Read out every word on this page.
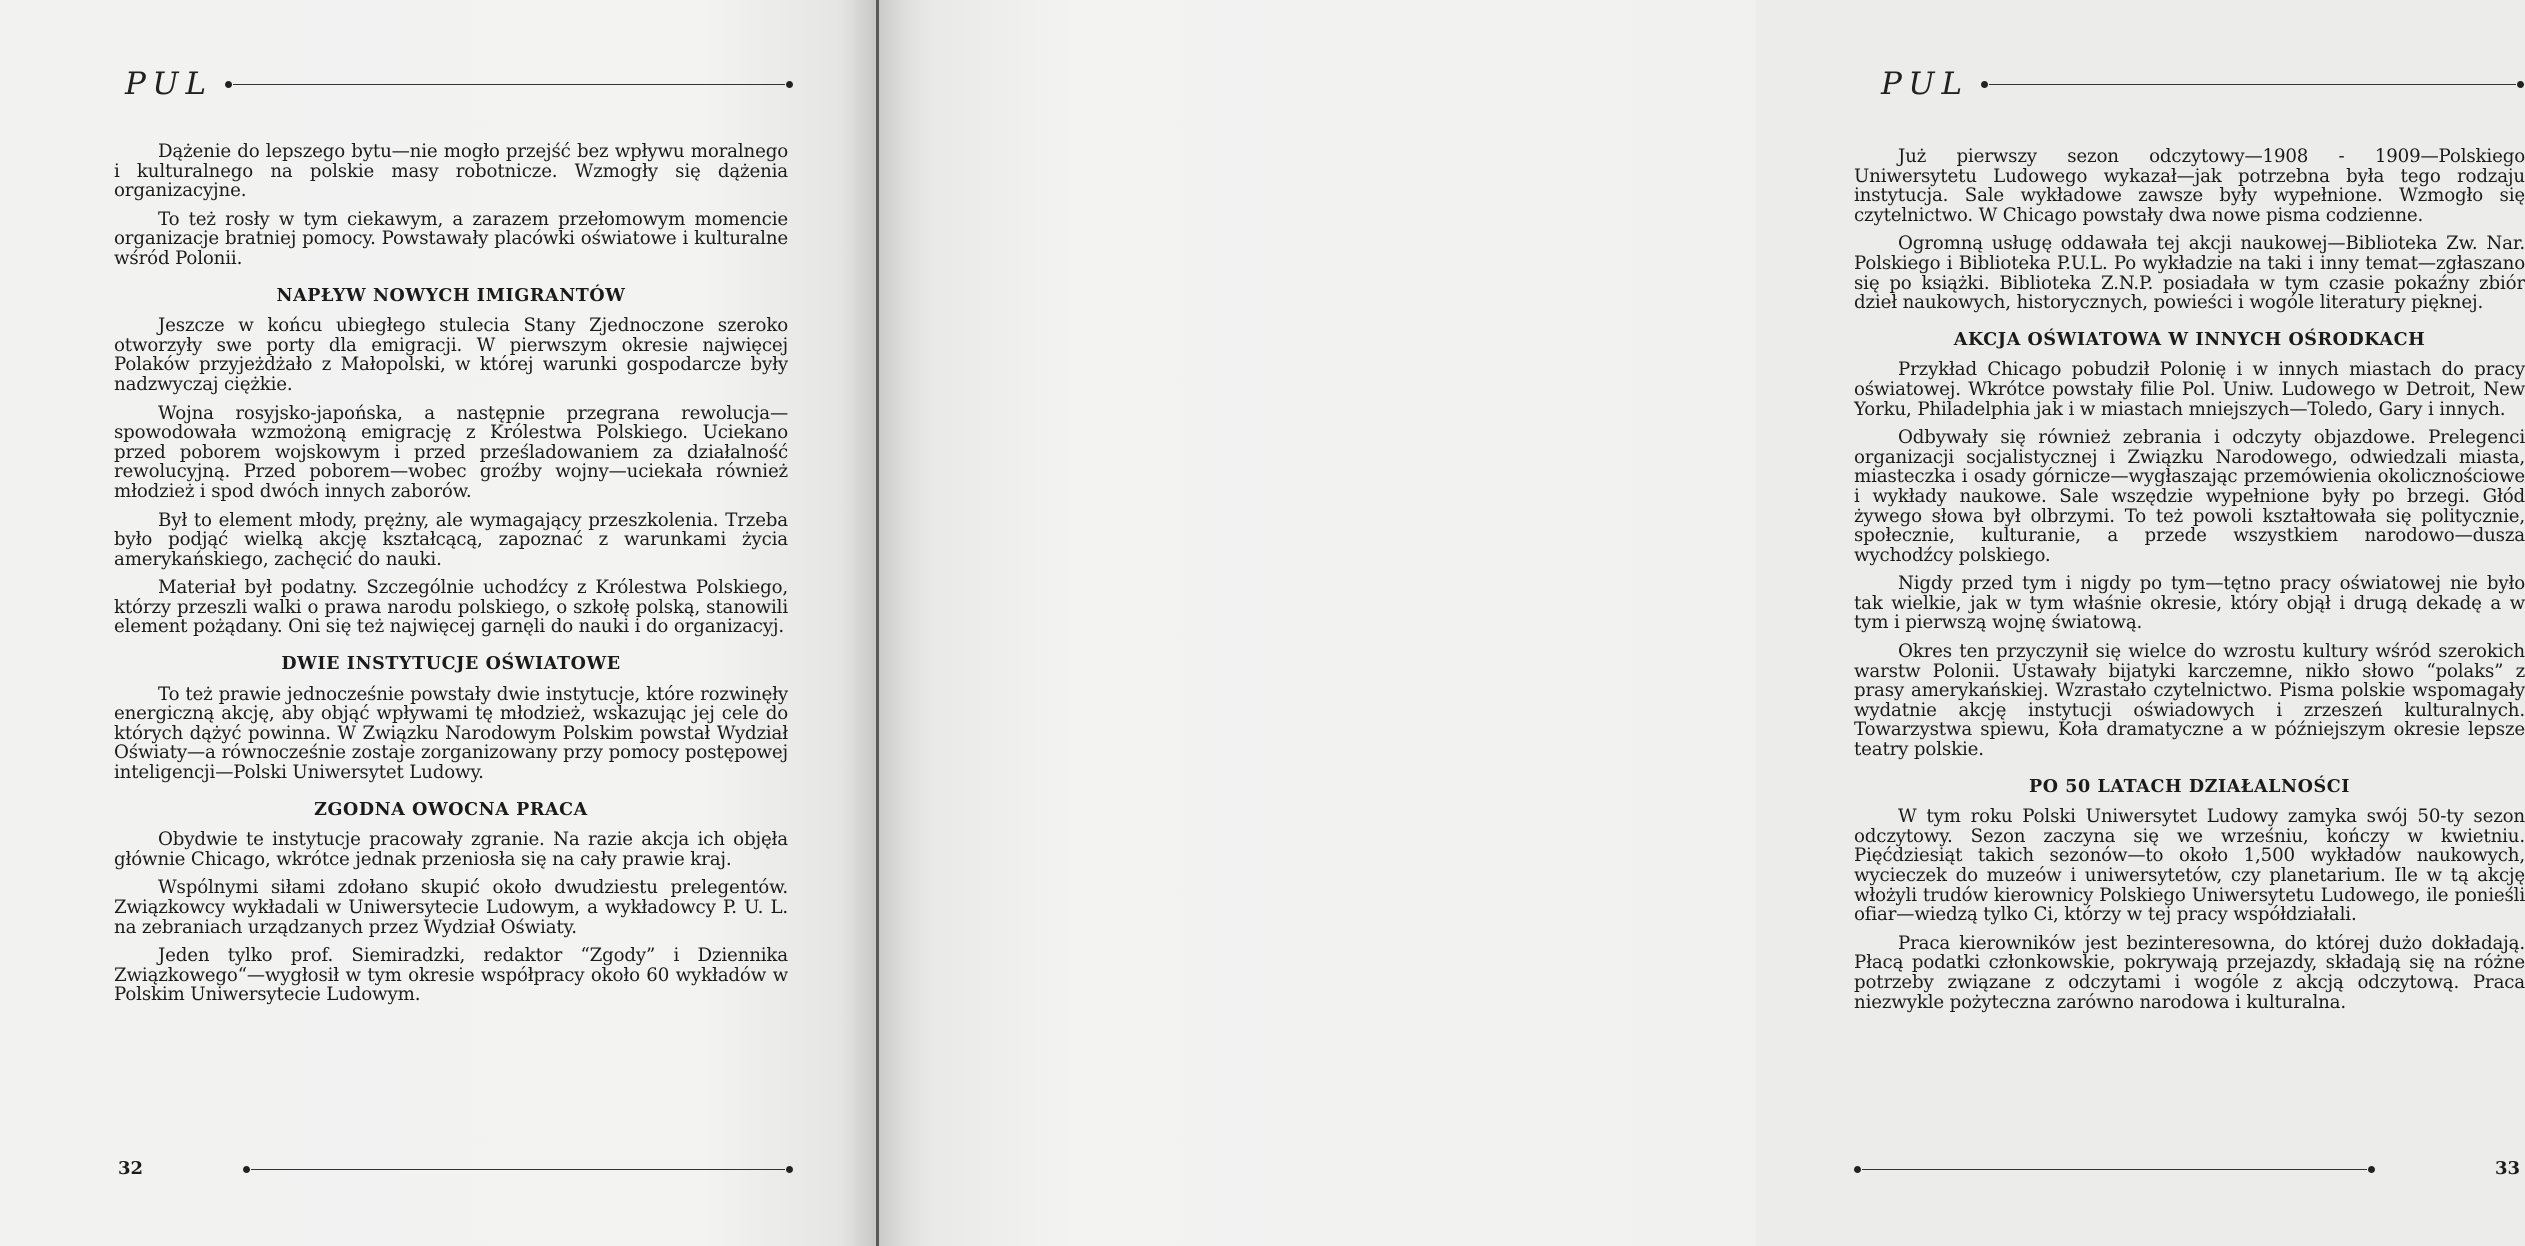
PUL

Dążenie do lepszego bytu—nie mogło przejść bez wpływu moralnego i kulturalnego na polskie masy robotnicze. Wzmogły się dążenia organizacyjne.

To też rosły w tym ciekawym, a zarazem przełomowym momencie organizacje bratniej pomocy. Powstawały placówki oświatowe i kulturalne wśród Polonii.

NAPŁYW NOWYCH IMIGRANTÓW

Jeszcze w końcu ubiegłego stulecia Stany Zjednoczone szeroko otworzyły swe porty dla emigracji. W pierwszym okresie najwięcej Polaków przyjeżdżało z Małopolski, w której warunki gospodarcze były nadzwyczaj ciężkie.

Wojna rosyjsko-japońska, a następnie przegrana rewolucja—spowodowała wzmożoną emigrację z Królestwa Polskiego. Uciekano przed poborem wojskowym i przed prześladowaniem za działalność rewolucyjną. Przed poborem—wobec groźby wojny—uciekała również młodzież i spod dwóch innych zaborów.

Był to element młody, prężny, ale wymagający przeszkolenia. Trzeba było podjąć wielką akcję kształcącą, zapoznać z warunkami życia amerykańskiego, zachęcić do nauki.

Materiał był podatny. Szczególnie uchodźcy z Królestwa Polskiego, którzy przeszli walki o prawa narodu polskiego, o szkołę polską, stanowili element pożądany. Oni się też najwięcej garnęli do nauki i do organizacyj.

DWIE INSTYTUCJE OŚWIATOWE

To też prawie jednocześnie powstały dwie instytucje, które rozwinęły energiczną akcję, aby objąć wpływami tę młodzież, wskazując jej cele do których dążyć powinna. W Związku Narodowym Polskim powstał Wydział Oświaty—a równocześnie zostaje zorganizowany przy pomocy postępowej inteligencji—Polski Uniwersytet Ludowy.

ZGODNA OWOCNA PRACA

Obydwie te instytucje pracowały zgranie. Na razie akcja ich objęła głównie Chicago, wkrótce jednak przeniosła się na cały prawie kraj.

Wspólnymi siłami zdołano skupić około dwudziestu prelegentów. Związkowcy wykładali w Uniwersytecie Ludowym, a wykładowcy P. U. L. na zebraniach urządzanych przez Wydział Oświaty.

Jeden tylko prof. Siemiradzki, redaktor “Zgody” i Dziennika Związkowego“—wygłosił w tym okresie współpracy około 60 wykładów w Polskim Uniwersytecie Ludowym.

32
PUL

Już pierwszy sezon odczytowy—1908 - 1909—Polskiego Uniwersytetu Ludowego wykazał—jak potrzebna była tego rodzaju instytucja. Sale wykładowe zawsze były wypełnione. Wzmogło się czytelnictwo. W Chicago powstały dwa nowe pisma codzienne.

Ogromną usługę oddawała tej akcji naukowej—Biblioteka Zw. Nar. Polskiego i Biblioteka P.U.L. Po wykładzie na taki i inny temat—zgłaszano się po książki. Biblioteka Z.N.P. posiadała w tym czasie pokaźny zbiór dzieł naukowych, historycznych, powieści i wogóle literatury pięknej.

AKCJA OŚWIATOWA W INNYCH OŚRODKACH

Przykład Chicago pobudził Polonię i w innych miastach do pracy oświatowej. Wkrótce powstały filie Pol. Uniw. Ludowego w Detroit, New Yorku, Philadelphia jak i w miastach mniejszych—Toledo, Gary i innych.

Odbywały się również zebrania i odczyty objazdowe. Prelegenci organizacji socjalistycznej i Związku Narodowego, odwiedzali miasta, miasteczka i osady górnicze—wygłaszając przemówienia okolicznościowe i wykłady naukowe. Sale wszędzie wypełnione były po brzegi. Głód żywego słowa był olbrzymi. To też powoli kształtowała się politycznie, społecznie, kulturanie, a przede wszystkiem narodowo—dusza wychodźcy polskiego.

Nigdy przed tym i nigdy po tym—tętno pracy oświatowej nie było tak wielkie, jak w tym właśnie okresie, który objął i drugą dekadę a w tym i pierwszą wojnę światową.

Okres ten przyczynił się wielce do wzrostu kultury wśród szerokich warstw Polonii. Ustawały bijatyki karczemne, nikło słowo “polaks” z prasy amerykańskiej. Wzrastało czytelnictwo. Pisma polskie wspomagały wydatnie akcję instytucji oświadowych i zrzeszeń kulturalnych. Towarzystwa spiewu, Koła dramatyczne a w późniejszym okresie lepsze teatry polskie.

PO 50 LATACH DZIAŁALNOŚCI

W tym roku Polski Uniwersytet Ludowy zamyka swój 50-ty sezon odczytowy. Sezon zaczyna się we wrześniu, kończy w kwietniu. Pięćdziesiąt takich sezonów—to około 1,500 wykładów naukowych, wycieczek do muzeów i uniwersytetów, czy planetarium. Ile w tą akcję włożyli trudów kierownicy Polskiego Uniwersytetu Ludowego, ile ponieśli ofiar—wiedzą tylko Ci, którzy w tej pracy współdziałali.

Praca kierowników jest bezinteresowna, do której dużo dokładają. Płacą podatki członkowskie, pokrywają przejazdy, składają się na różne potrzeby związane z odczytami i wogóle z akcją odczytową. Praca niezwykle pożyteczna zarówno narodowa i kulturalna.

33
